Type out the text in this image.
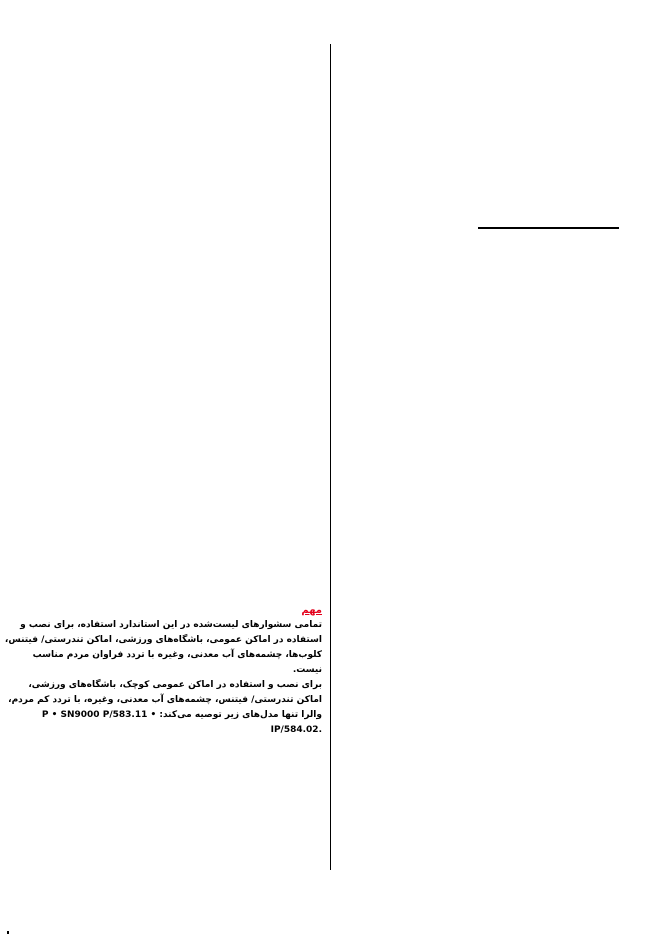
مهم
تمامی سشوارهای لیست‌شده در این استاندارد استفاده، برای نصب و
استفاده در اماکن عمومی، باشگاه‌های ورزشی، اماکن تندرستی/ فیتنس،
کلوب‌ها، چشمه‌های آب معدنی، وغیره با تردد فراوان مردم مناسب
نیست.
برای نصب و استفاده در اماکن عمومی کوچک، باشگاه‌های ورزشی،
اماکن تندرستی/ فیتنس، چشمه‌های آب معدنی، وغیره، با تردد کم مردم،
والرا تنها مدل‌های زیر توصیه می‌کند: • 583.11/P • SN9000 P
.584.02/IP
